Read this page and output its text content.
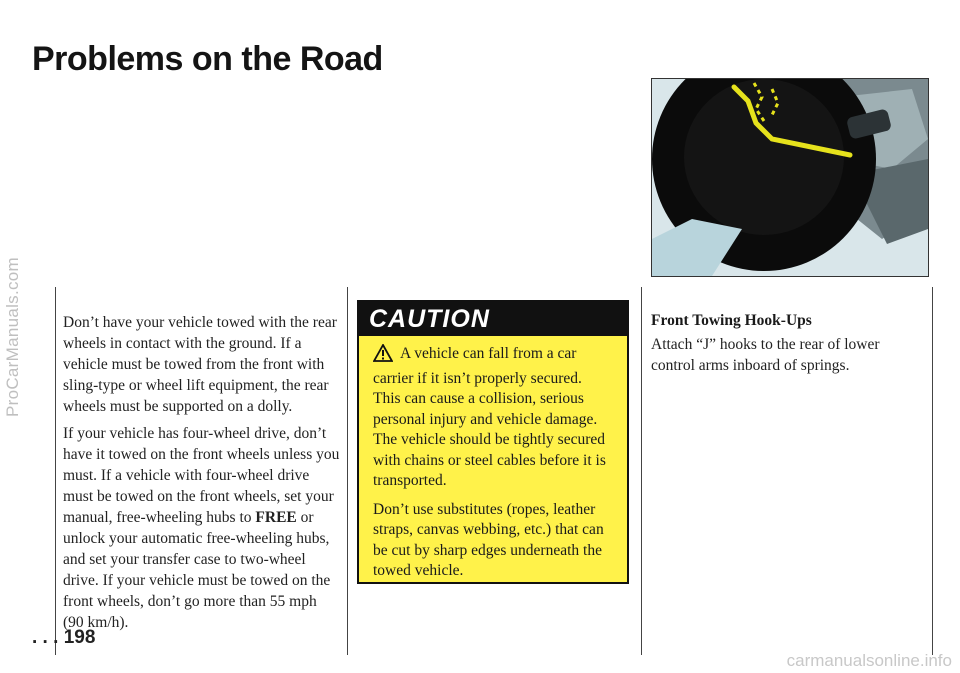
ProCarManuals.com
Problems on the Road

Don’t have your vehicle towed with the rear wheels in contact with the ground. If a vehicle must be towed from the front with sling-type or wheel lift equipment, the rear wheels must be supported on a dolly.

If your vehicle has four-wheel drive, don’t have it towed on the front wheels unless you must. If a vehicle with four-wheel drive must be towed on the front wheels, set your manual, free-wheeling hubs to FREE or unlock your automatic free-wheeling hubs, and set your transfer case to two-wheel drive. If your vehicle must be towed on the front wheels, don’t go more than 55 mph (90 km/h).

CAUTION

A vehicle can fall from a car carrier if it isn’t properly secured. This can cause a collision, serious personal injury and vehicle damage. The vehicle should be tightly secured with chains or steel cables before it is transported.

Don’t use substitutes (ropes, leather straps, canvas webbing, etc.) that can be cut by sharp edges underneath the towed vehicle.

Front Towing Hook-Ups

Attach “J” hooks to the rear of lower control arms inboard of springs.

. . . 198
carmanualsonline.info
